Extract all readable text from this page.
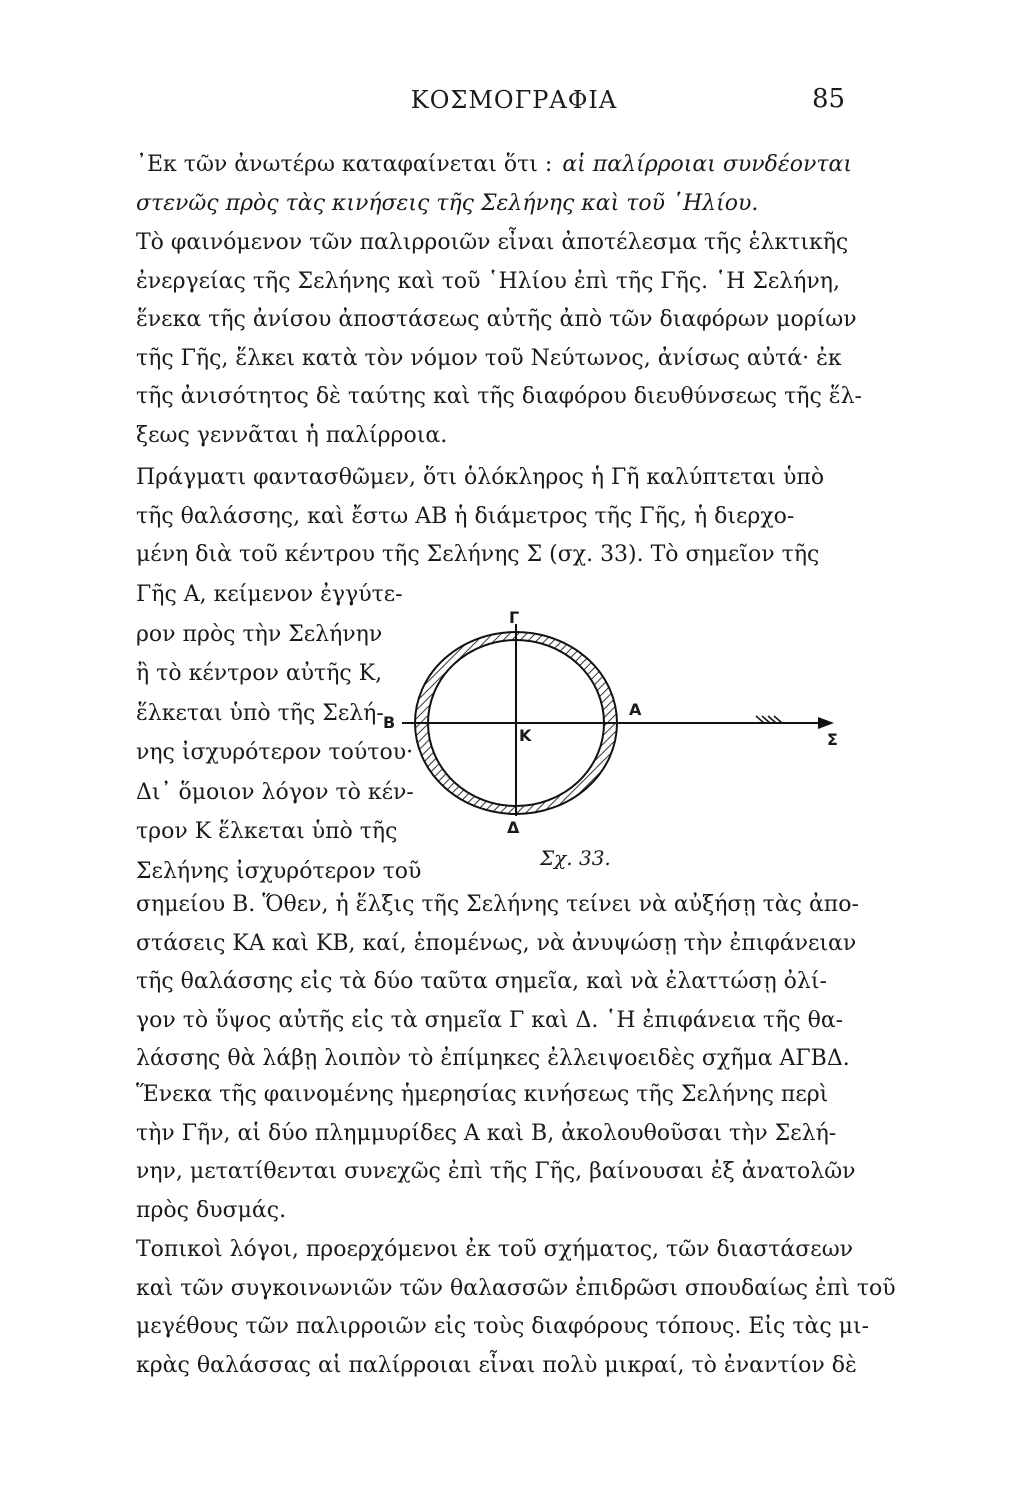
ΚΟΣΜΟΓΡΑΦΙΑ	85
᾿Εκ τῶν ἀνωτέρω καταφαίνεται ὅτι : αἱ παλίρροιαι συνδέονται
στενῶς πρὸς τὰς κινήσεις τῆς Σελήνης καὶ τοῦ ῾Ηλίου.
Τὸ φαινόμενον τῶν παλιρροιῶν εἶναι ἀποτέλεσμα τῆς ἑλκτικῆς
ἐνεργείας τῆς Σελήνης καὶ τοῦ ῾Ηλίου ἐπὶ τῆς Γῆς. ῾Η Σελήνη,
ἕνεκα τῆς ἀνίσου ἀποστάσεως αὐτῆς ἀπὸ τῶν διαφόρων μορίων
τῆς Γῆς, ἕλκει κατὰ τὸν νόμον τοῦ Νεύτωνος, ἀνίσως αὐτά· ἐκ
τῆς ἀνισότητος δὲ ταύτης καὶ τῆς διαφόρου διευθύνσεως τῆς ἕλ-
ξεως γεννᾶται ἡ παλίρροια.
Πράγματι φαντασθῶμεν, ὅτι ὁλόκληρος ἡ Γῆ καλύπτεται ὑπὸ
τῆς θαλάσσης, καὶ ἔστω ΑΒ ἡ διάμετρος τῆς Γῆς, ἡ διερχο-
μένη διὰ τοῦ κέντρου τῆς Σελήνης Σ (σχ. 33). Τὸ σημεῖον τῆς
Γῆς Α, κείμενον ἐγγύτε-
ρον πρὸς τὴν Σελήνην
ἢ τὸ κέντρον αὐτῆς Κ,
ἕλκεται ὑπὸ τῆς Σελή-
νης ἰσχυρότερον τούτου·
Δι᾿ ὅμοιον λόγον τὸ κέν-
τρον Κ ἕλκεται ὑπὸ τῆς
Σελήνης ἰσχυρότερον τοῦ
σημείου Β. Ὅθεν, ἡ ἕλξις τῆς Σελήνης τείνει νὰ αὐξήσῃ τὰς ἀπο-
στάσεις ΚΑ καὶ ΚΒ, καί, ἑπομένως, νὰ ἀνυψώσῃ τὴν ἐπιφάνειαν
τῆς θαλάσσης εἰς τὰ δύο ταῦτα σημεῖα, καὶ νὰ ἐλαττώσῃ ὀλί-
γον τὸ ὕψος αὐτῆς εἰς τὰ σημεῖα Γ καὶ Δ. ῾Η ἐπιφάνεια τῆς θα-
λάσσης θὰ λάβῃ λοιπὸν τὸ ἐπίμηκες ἐλλειψοειδὲς σχῆμα ΑΓΒΔ.
Ἕνεκα τῆς φαινομένης ἡμερησίας κινήσεως τῆς Σελήνης περὶ
τὴν Γῆν, αἱ δύο πλημμυρίδες Α καὶ Β, ἀκολουθοῦσαι τὴν Σελή-
νην, μετατίθενται συνεχῶς ἐπὶ τῆς Γῆς, βαίνουσαι ἐξ ἀνατολῶν
πρὸς δυσμάς.
Τοπικοὶ λόγοι, προερχόμενοι ἐκ τοῦ σχήματος, τῶν διαστάσεων
καὶ τῶν συγκοινωνιῶν τῶν θαλασσῶν ἐπιδρῶσι σπουδαίως ἐπὶ τοῦ
μεγέθους τῶν παλιρροιῶν εἰς τοὺς διαφόρους τόπους. Εἰς τὰς μι-
κρὰς θαλάσσας αἱ παλίρροιαι εἶναι πολὺ μικραί, τὸ ἐναντίον δὲ
Γ
Β
Α
Κ
Δ
Σ
Σχ. 33.
